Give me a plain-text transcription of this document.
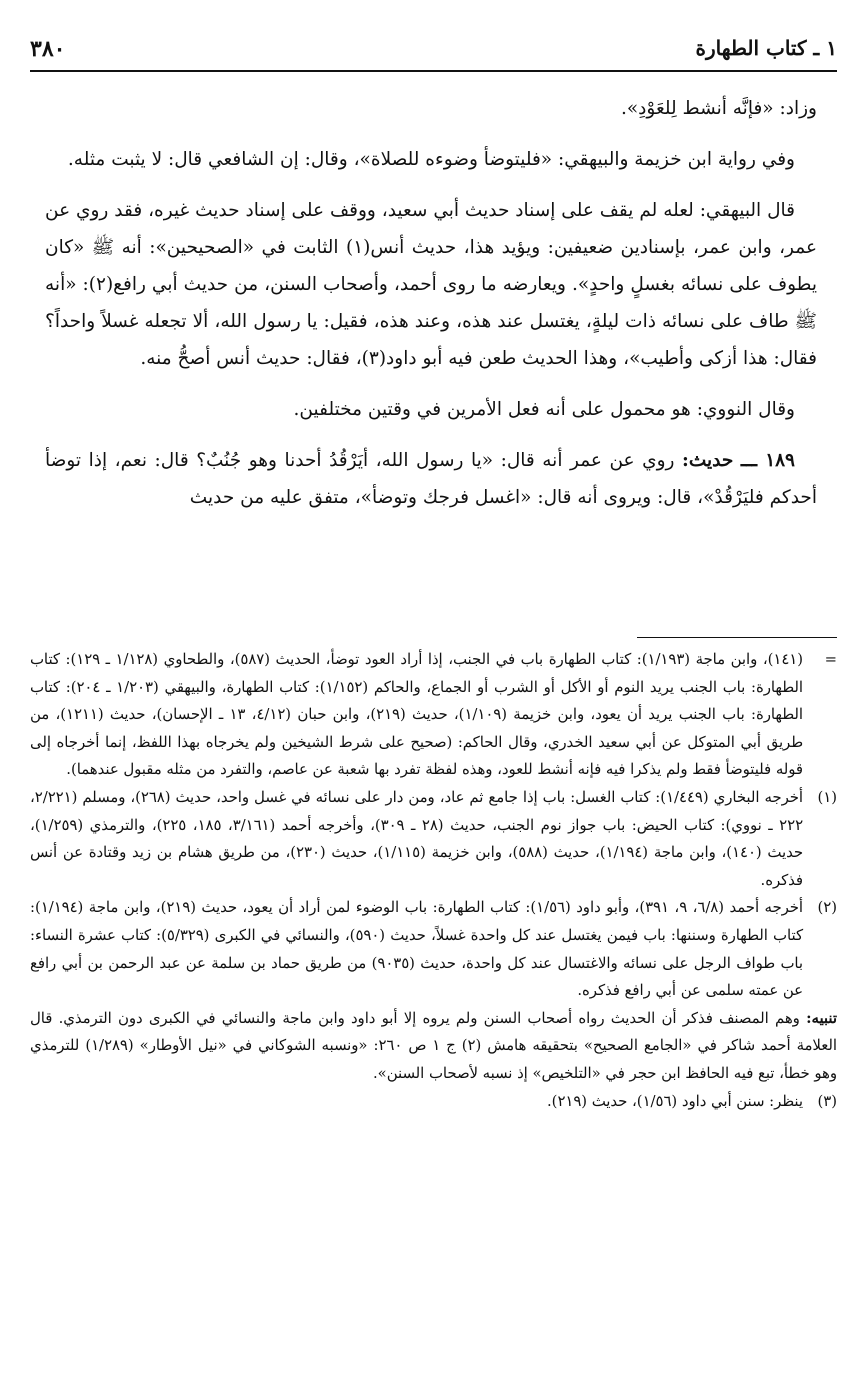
٣٨٠	١ ـ كتاب الطهارة

وزاد: «فإنَّه أنشط لِلعَوْدِ».

وفي رواية ابن خزيمة والبيهقي: «فليتوضأ وضوءه للصلاة»، وقال: إن الشافعي قال: لا يثبت مثله.

قال البيهقي: لعله لم يقف على إسناد حديث أبي سعيد، ووقف على إسناد حديث غيره، فقد روي عن عمر، وابن عمر، بإسنادين ضعيفين: ويؤيد هذا، حديث أنس(١) الثابت في «الصحيحين»: أنه ﷺ «كان يطوف على نسائه بغسلٍ واحدٍ». ويعارضه ما روى أحمد، وأصحاب السنن، من حديث أبي رافع(٢): «أنه ﷺ طاف على نسائه ذات ليلةٍ، يغتسل عند هذه، وعند هذه، فقيل: يا رسول الله، ألا تجعله غسلاً واحداً؟ فقال: هذا أزكى وأطيب»، وهذا الحديث طعن فيه أبو داود(٣)، فقال: حديث أنس أصحُّ منه.

وقال النووي: هو محمول على أنه فعل الأمرين في وقتين مختلفين.

١٨٩ ـــ حديث: روي عن عمر أنه قال: «يا رسول الله، أيَرْقُدُ أحدنا وهو جُنُبٌ؟ قال: نعم، إذا توضأ أحدكم فليَرْقُدْ»، قال: ويروى أنه قال: «اغسل فرجك وتوضأ»، متفق عليه من حديث

=
(١٤١)، وابن ماجة (١/١٩٣): كتاب الطهارة باب في الجنب، إذا أراد العود توضأ، الحديث (٥٨٧)، والطحاوي (١/١٢٨ ـ ١٢٩): كتاب الطهارة: باب الجنب يريد النوم أو الأكل أو الشرب أو الجماع، والحاكم (١/١٥٢): كتاب الطهارة، والبيهقي (١/٢٠٣ ـ ٢٠٤): كتاب الطهارة: باب الجنب يريد أن يعود، وابن خزيمة (١/١٠٩)، حديث (٢١٩)، وابن حبان (٤/١٢، ١٣ ـ الإحسان)، حديث (١٢١١)، من طريق أبي المتوكل عن أبي سعيد الخدري، وقال الحاكم: (صحيح على شرط الشيخين ولم يخرجاه بهذا اللفظ، إنما أخرجاه إلى قوله فليتوضأ فقط ولم يذكرا فيه فإنه أنشط للعود، وهذه لفظة تفرد بها شعبة عن عاصم، والتفرد من مثله مقبول عندهما).

(١)
أخرجه البخاري (١/٤٤٩): كتاب الغسل: باب إذا جامع ثم عاد، ومن دار على نسائه في غسل واحد، حديث (٢٦٨)، ومسلم (٢/٢٢١، ٢٢٢ ـ نووي): كتاب الحيض: باب جواز نوم الجنب، حديث (٢٨ ـ ٣٠٩)، وأخرجه أحمد (٣/١٦١، ١٨٥، ٢٢٥)، والترمذي (١/٢٥٩)، حديث (١٤٠)، وابن ماجة (١/١٩٤)، حديث (٥٨٨)، وابن خزيمة (١/١١٥)، حديث (٢٣٠)، من طريق هشام بن زيد وقتادة عن أنس فذكره.

(٢)
أخرجه أحمد (٦/٨، ٩، ٣٩١)، وأبو داود (١/٥٦): كتاب الطهارة: باب الوضوء لمن أراد أن يعود، حديث (٢١٩)، وابن ماجة (١/١٩٤): كتاب الطهارة وسننها: باب فيمن يغتسل عند كل واحدة غسلاً، حديث (٥٩٠)، والنسائي في الكبرى (٥/٣٢٩): كتاب عشرة النساء: باب طواف الرجل على نسائه والاغتسال عند كل واحدة، حديث (٩٠٣٥) من طريق حماد بن سلمة عن عبد الرحمن بن أبي رافع عن عمته سلمى عن أبي رافع فذكره.

تنبيه: وهم المصنف فذكر أن الحديث رواه أصحاب السنن ولم يروه إلا أبو داود وابن ماجة والنسائي في الكبرى دون الترمذي. قال العلامة أحمد شاكر في «الجامع الصحيح» بتحقيقه هامش (٢) ج ١ ص ٢٦٠: «ونسبه الشوكاني في «نيل الأوطار» (١/٢٨٩) للترمذي وهو خطأ، تبع فيه الحافظ ابن حجر في «التلخيص» إذ نسبه لأصحاب السنن».

(٣)
ينظر: سنن أبي داود (١/٥٦)، حديث (٢١٩).
